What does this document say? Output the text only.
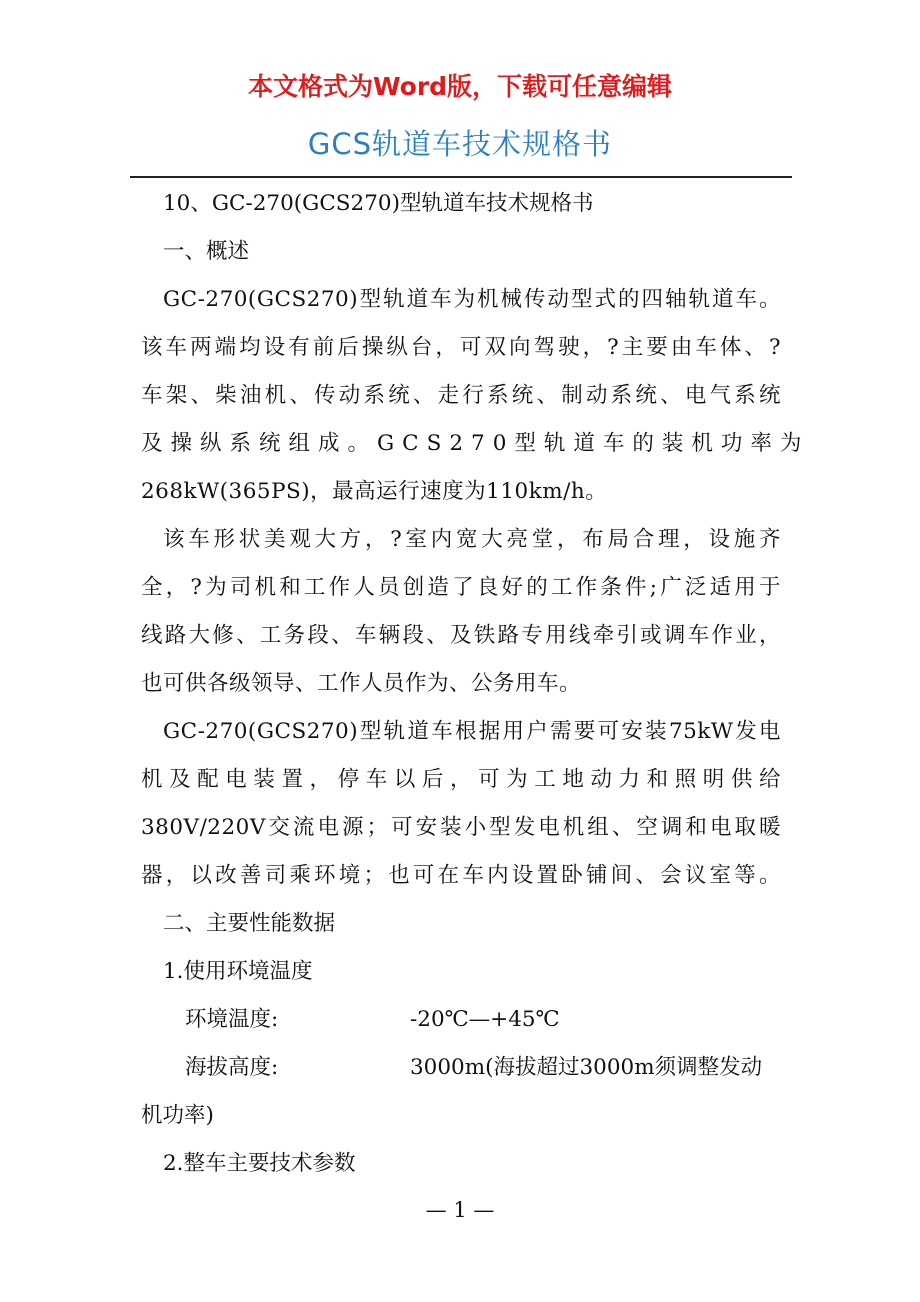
本文格式为Word版，下载可任意编辑
GCS轨道车技术规格书

10、GC-270(GCS270)型轨道车技术规格书

一、概述

GC-270(GCS270)型轨道车为机械传动型式的四轴轨道车。
该车两端均设有前后操纵台，可双向驾驶，?主要由车体、?
车架、柴油机、传动系统、走行系统、制动系统、电气系统
及操纵系统组成。GCS270型轨道车的装机功率为
268kW(365PS)，最高运行速度为110km/h。

该车形状美观大方，?室内宽大亮堂，布局合理，设施齐
全，?为司机和工作人员创造了良好的工作条件;广泛适用于
线路大修、工务段、车辆段、及铁路专用线牵引或调车作业，
也可供各级领导、工作人员作为、公务用车。

GC-270(GCS270)型轨道车根据用户需要可安装75kW发电
机及配电装置，停车以后，可为工地动力和照明供给
380V/220V交流电源；可安装小型发电机组、空调和电取暖
器，以改善司乘环境；也可在车内设置卧铺间、会议室等。

二、主要性能数据

1.使用环境温度

环境温度:	-20℃—+45℃

海拔高度:	3000m(海拔超过3000m须调整发动

机功率)

2.整车主要技术参数

— 1 —
